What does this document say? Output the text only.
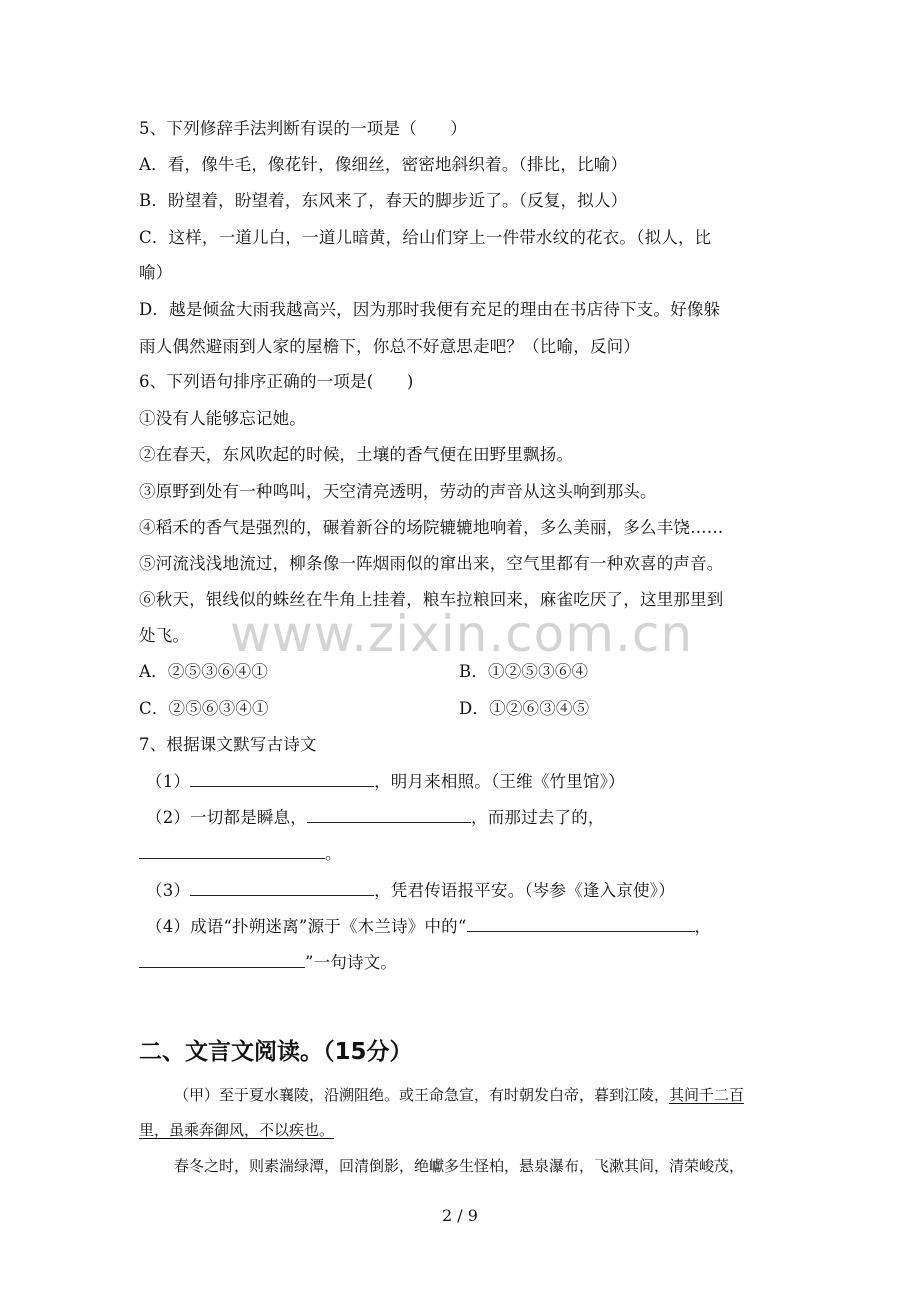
www.zixin.com.cn
5、下列修辞手法判断有误的一项是（　　）
A．看，像牛毛，像花针，像细丝，密密地斜织着。（排比，比喻）
B．盼望着，盼望着，东风来了，春天的脚步近了。（反复，拟人）
C．这样，一道儿白，一道儿暗黄，给山们穿上一件带水纹的花衣。（拟人，比
喻）
D．越是倾盆大雨我越高兴，因为那时我便有充足的理由在书店待下支。好像躲
雨人偶然避雨到人家的屋檐下，你总不好意思走吧？（比喻，反问）
6、下列语句排序正确的一项是(　　)
①没有人能够忘记她。
②在春天，东风吹起的时候，土壤的香气便在田野里飘扬。
③原野到处有一种鸣叫，天空清亮透明，劳动的声音从这头响到那头。
④稻禾的香气是强烈的，碾着新谷的场院辘辘地响着，多么美丽，多么丰饶……
⑤河流浅浅地流过，柳条像一阵烟雨似的窜出来，空气里都有一种欢喜的声音。
⑥秋天，银线似的蛛丝在牛角上挂着，粮车拉粮回来，麻雀吃厌了，这里那里到
处飞。
A．②⑤③⑥④①	B．①②⑤③⑥④
C．②⑤⑥③④①	D．①②⑥③④⑤
7、根据课文默写古诗文
（1）	，明月来相照。（王维《竹里馆》）
（2）一切都是瞬息，	，而那过去了的，
。
（3）	，凭君传语报平安。（岑参《逢入京使》）
（4）成语“扑朔迷离”源于《木兰诗》中的“	，
”一句诗文。
二、文言文阅读。（15分）
（甲）至于夏水襄陵，沿溯阻绝。或王命急宣，有时朝发白帝，暮到江陵，其间千二百
里，虽乘奔御风，不以疾也。
春冬之时，则素湍绿潭，回清倒影，绝巘多生怪柏，悬泉瀑布，飞漱其间，清荣峻茂，
2 / 9
